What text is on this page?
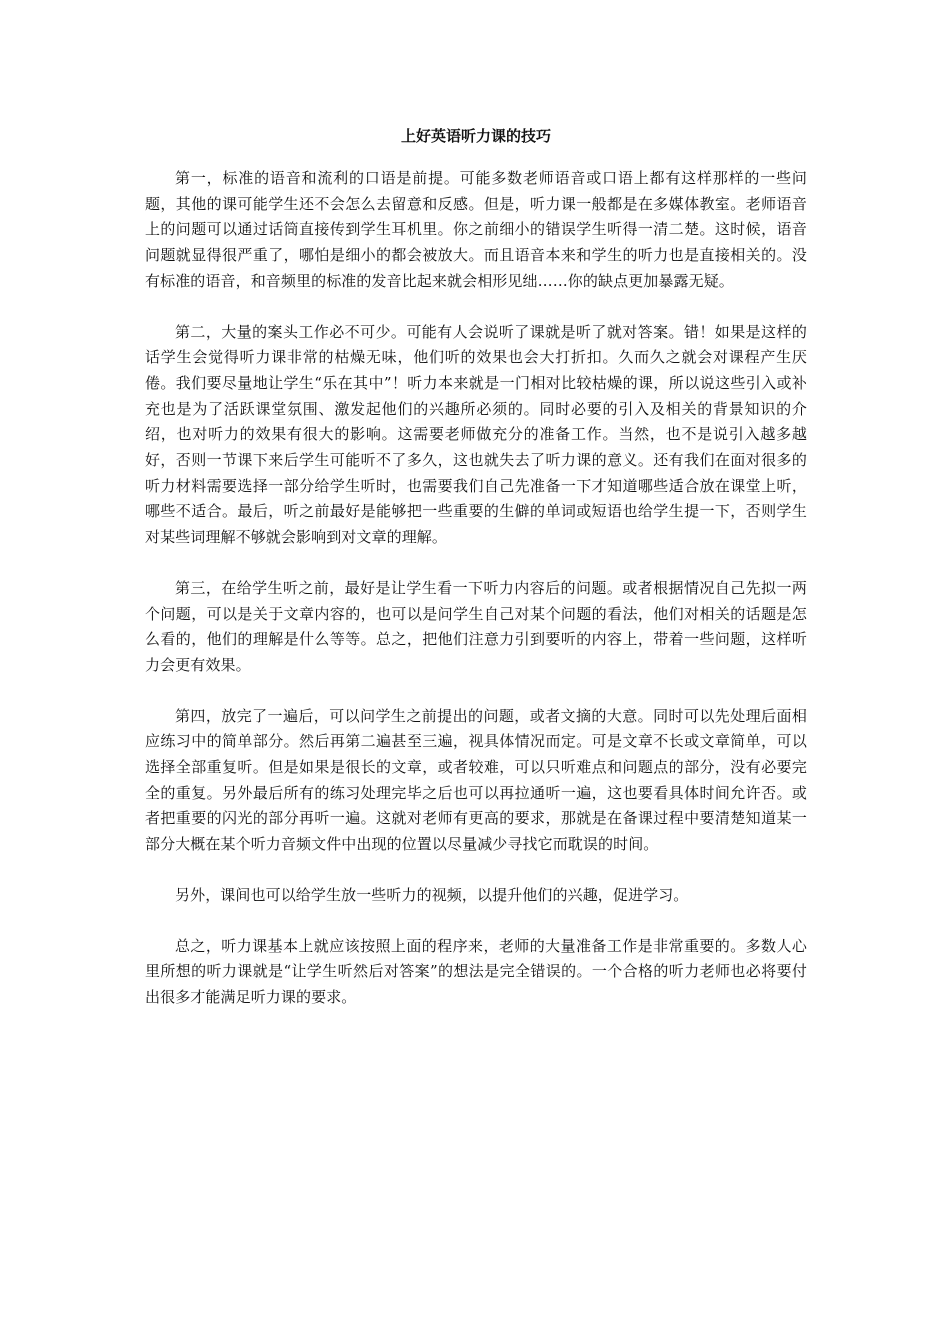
上好英语听力课的技巧

第一，标准的语音和流利的口语是前提。可能多数老师语音或口语上都有这样那样的一些问题，其他的课可能学生还不会怎么去留意和反感。但是，听力课一般都是在多媒体教室。老师语音上的问题可以通过话筒直接传到学生耳机里。你之前细小的错误学生听得一清二楚。这时候，语音问题就显得很严重了，哪怕是细小的都会被放大。而且语音本来和学生的听力也是直接相关的。没有标准的语音，和音频里的标准的发音比起来就会相形见绌……你的缺点更加暴露无疑。

第二，大量的案头工作必不可少。可能有人会说听了课就是听了就对答案。错！如果是这样的话学生会觉得听力课非常的枯燥无味，他们听的效果也会大打折扣。久而久之就会对课程产生厌倦。我们要尽量地让学生“乐在其中”！听力本来就是一门相对比较枯燥的课，所以说这些引入或补充也是为了活跃课堂氛围、激发起他们的兴趣所必须的。同时必要的引入及相关的背景知识的介绍，也对听力的效果有很大的影响。这需要老师做充分的准备工作。当然，也不是说引入越多越好，否则一节课下来后学生可能听不了多久，这也就失去了听力课的意义。还有我们在面对很多的听力材料需要选择一部分给学生听时，也需要我们自己先准备一下才知道哪些适合放在课堂上听，哪些不适合。最后，听之前最好是能够把一些重要的生僻的单词或短语也给学生提一下，否则学生对某些词理解不够就会影响到对文章的理解。

第三，在给学生听之前，最好是让学生看一下听力内容后的问题。或者根据情况自己先拟一两个问题，可以是关于文章内容的，也可以是问学生自己对某个问题的看法，他们对相关的话题是怎么看的，他们的理解是什么等等。总之，把他们注意力引到要听的内容上，带着一些问题，这样听力会更有效果。

第四，放完了一遍后，可以问学生之前提出的问题，或者文摘的大意。同时可以先处理后面相应练习中的简单部分。然后再第二遍甚至三遍，视具体情况而定。可是文章不长或文章简单，可以选择全部重复听。但是如果是很长的文章，或者较难，可以只听难点和问题点的部分，没有必要完全的重复。另外最后所有的练习处理完毕之后也可以再拉通听一遍，这也要看具体时间允许否。或者把重要的闪光的部分再听一遍。这就对老师有更高的要求，那就是在备课过程中要清楚知道某一部分大概在某个听力音频文件中出现的位置以尽量减少寻找它而耽误的时间。

另外，课间也可以给学生放一些听力的视频，以提升他们的兴趣，促进学习。

总之，听力课基本上就应该按照上面的程序来，老师的大量准备工作是非常重要的。多数人心里所想的听力课就是“让学生听然后对答案”的想法是完全错误的。一个合格的听力老师也必将要付出很多才能满足听力课的要求。
